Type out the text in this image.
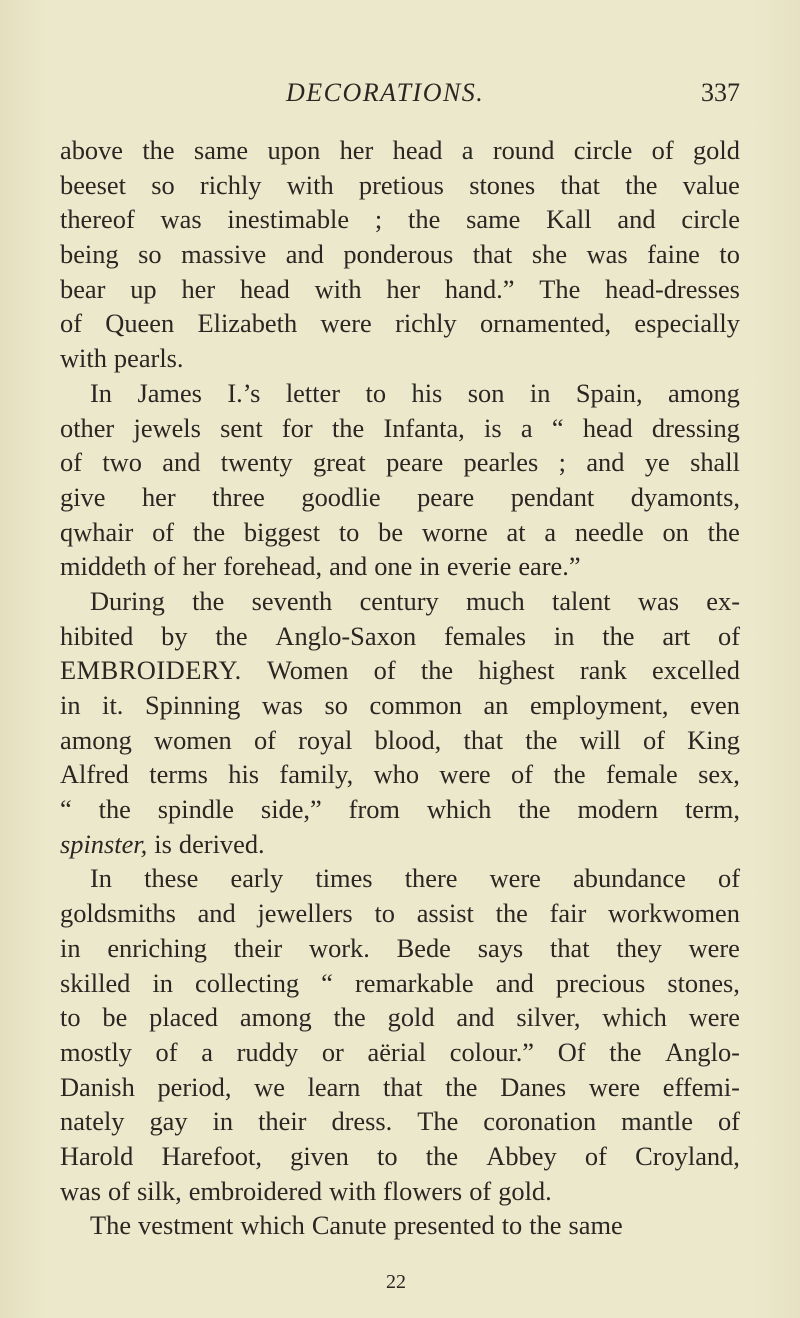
DECORATIONS.	337
above the same upon her head a round circle of gold
beeset so richly with pretious stones that the value
thereof was inestimable ; the same Kall and circle
being so massive and ponderous that she was faine to
bear up her head with her hand.” The head-dresses
of Queen Elizabeth were richly ornamented, especially
with pearls.
In James I.’s letter to his son in Spain, among
other jewels sent for the Infanta, is a “ head dressing
of two and twenty great peare pearles ; and ye shall
give her three goodlie peare pendant dyamonts,
qwhair of the biggest to be worne at a needle on the
middeth of her forehead, and one in everie eare.”
During the seventh century much talent was ex-
hibited by the Anglo-Saxon females in the art of
EMBROIDERY. Women of the highest rank excelled
in it. Spinning was so common an employment, even
among women of royal blood, that the will of King
Alfred terms his family, who were of the female sex,
“ the spindle side,” from which the modern term,
spinster, is derived.
In these early times there were abundance of
goldsmiths and jewellers to assist the fair workwomen
in enriching their work. Bede says that they were
skilled in collecting “ remarkable and precious stones,
to be placed among the gold and silver, which were
mostly of a ruddy or aërial colour.” Of the Anglo-
Danish period, we learn that the Danes were effemi-
nately gay in their dress. The coronation mantle of
Harold Harefoot, given to the Abbey of Croyland,
was of silk, embroidered with flowers of gold.
The vestment which Canute presented to the same
22
